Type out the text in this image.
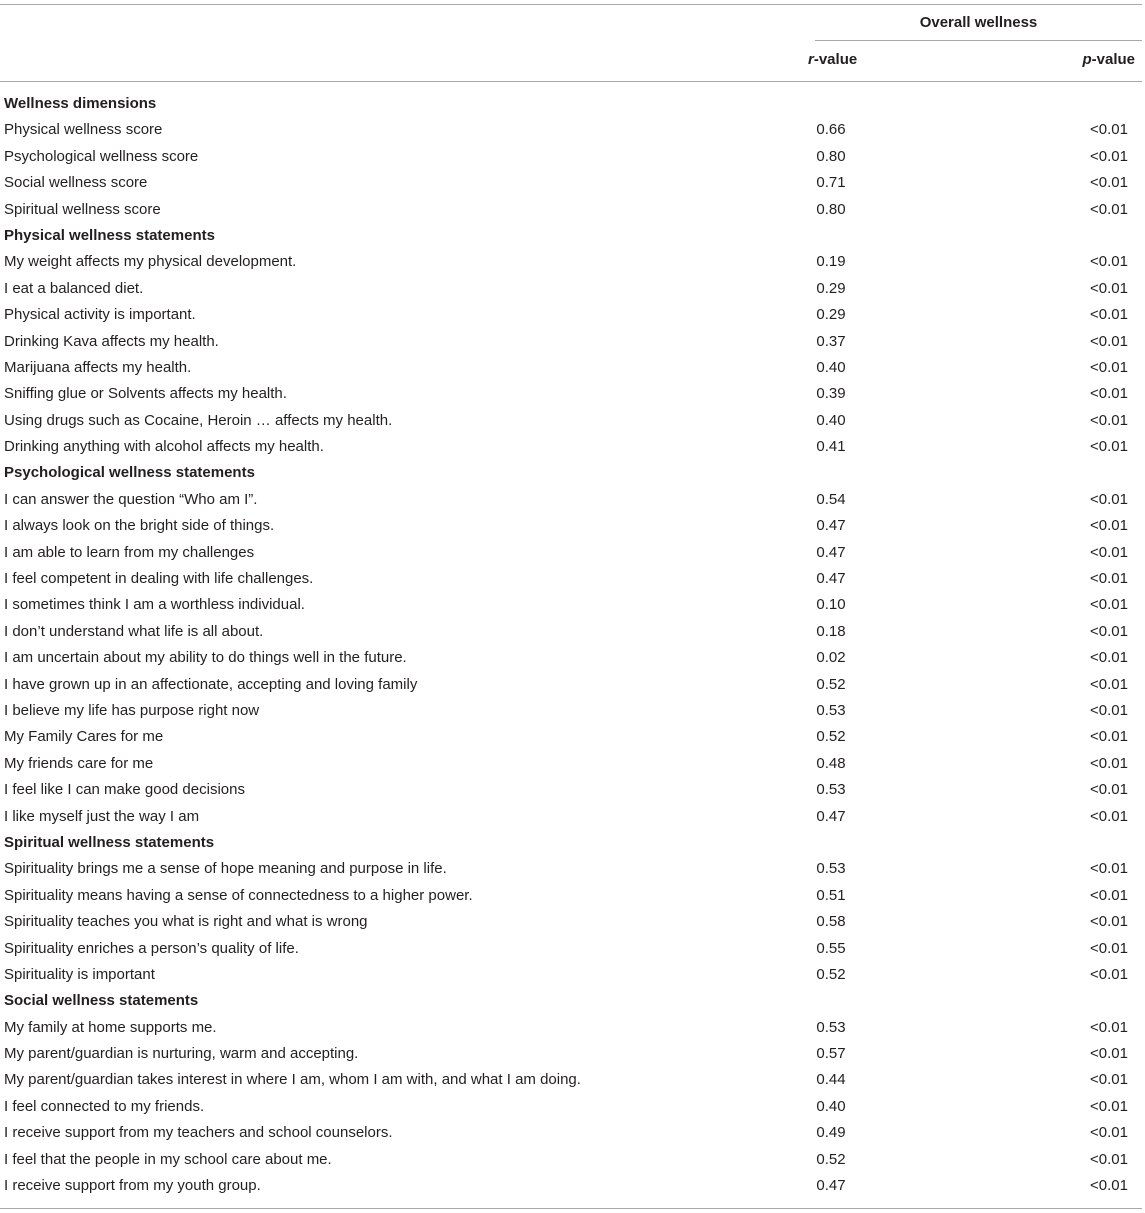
Overall wellness
r-value	p-value
Wellness dimensions
Physical wellness score	0.66	<0.01
Psychological wellness score	0.80	<0.01
Social wellness score	0.71	<0.01
Spiritual wellness score	0.80	<0.01
Physical wellness statements
My weight affects my physical development.	0.19	<0.01
I eat a balanced diet.	0.29	<0.01
Physical activity is important.	0.29	<0.01
Drinking Kava affects my health.	0.37	<0.01
Marijuana affects my health.	0.40	<0.01
Sniffing glue or Solvents affects my health.	0.39	<0.01
Using drugs such as Cocaine, Heroin … affects my health.	0.40	<0.01
Drinking anything with alcohol affects my health.	0.41	<0.01
Psychological wellness statements
I can answer the question “Who am I”.	0.54	<0.01
I always look on the bright side of things.	0.47	<0.01
I am able to learn from my challenges	0.47	<0.01
I feel competent in dealing with life challenges.	0.47	<0.01
I sometimes think I am a worthless individual.	0.10	<0.01
I don’t understand what life is all about.	0.18	<0.01
I am uncertain about my ability to do things well in the future.	0.02	<0.01
I have grown up in an affectionate, accepting and loving family	0.52	<0.01
I believe my life has purpose right now	0.53	<0.01
My Family Cares for me	0.52	<0.01
My friends care for me	0.48	<0.01
I feel like I can make good decisions	0.53	<0.01
I like myself just the way I am	0.47	<0.01
Spiritual wellness statements
Spirituality brings me a sense of hope meaning and purpose in life.	0.53	<0.01
Spirituality means having a sense of connectedness to a higher power.	0.51	<0.01
Spirituality teaches you what is right and what is wrong	0.58	<0.01
Spirituality enriches a person’s quality of life.	0.55	<0.01
Spirituality is important	0.52	<0.01
Social wellness statements
My family at home supports me.	0.53	<0.01
My parent/guardian is nurturing, warm and accepting.	0.57	<0.01
My parent/guardian takes interest in where I am, whom I am with, and what I am doing.	0.44	<0.01
I feel connected to my friends.	0.40	<0.01
I receive support from my teachers and school counselors.	0.49	<0.01
I feel that the people in my school care about me.	0.52	<0.01
I receive support from my youth group.	0.47	<0.01
